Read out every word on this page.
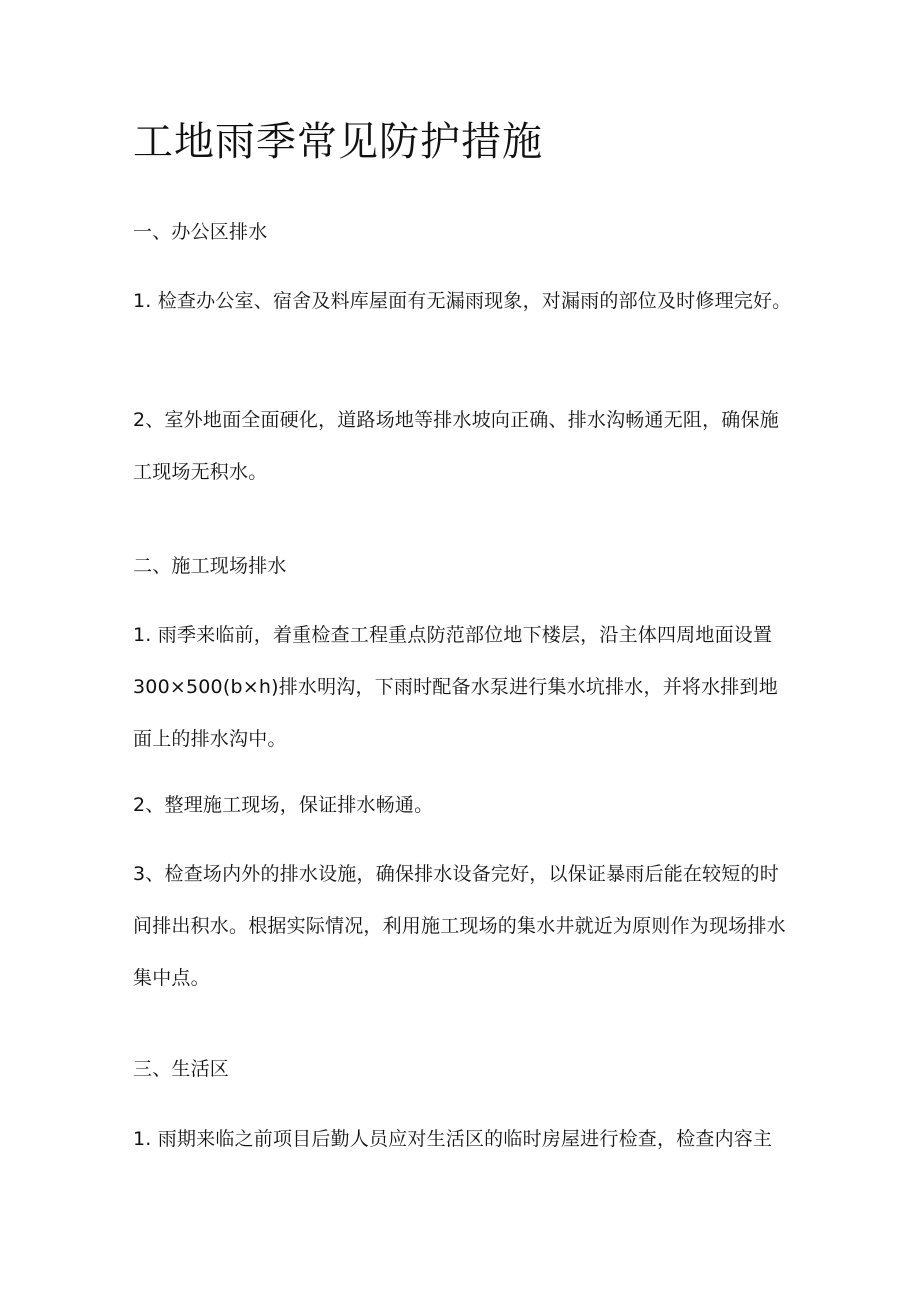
工地雨季常见防护措施

一、办公区排水

1. 检查办公室、宿舍及料库屋面有无漏雨现象，对漏雨的部位及时修理完好。

2、室外地面全面硬化，道路场地等排水坡向正确、排水沟畅通无阻，确保施工现场无积水。

二、施工现场排水

1. 雨季来临前，着重检查工程重点防范部位地下楼层，沿主体四周地面设置 300×500(b×h)排水明沟，下雨时配备水泵进行集水坑排水，并将水排到地面上的排水沟中。

2、整理施工现场，保证排水畅通。

3、检查场内外的排水设施，确保排水设备完好，以保证暴雨后能在较短的时间排出积水。根据实际情况，利用施工现场的集水井就近为原则作为现场排水集中点。

三、生活区

1. 雨期来临之前项目后勤人员应对生活区的临时房屋进行检查，检查内容主
